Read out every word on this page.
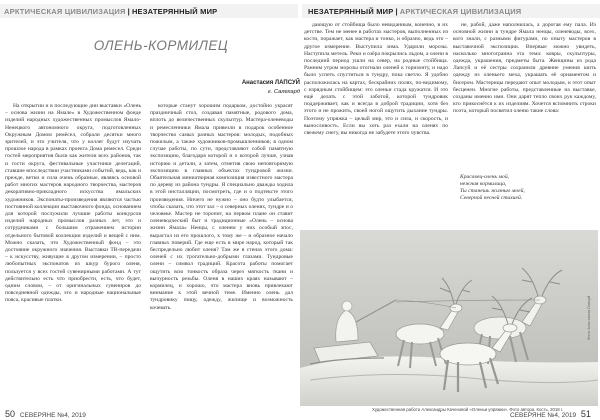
АРКТИЧЕСКАЯ ЦИВИЛИЗАЦИЯ | НЕЗАТЕРЯННЫЙ МИР	НЕЗАТЕРЯННЫЙ МИР | АРКТИЧЕСКАЯ ЦИВИЛИЗАЦИЯ
ОЛЕНЬ-КОРМИЛЕЦ
Анастасия ЛАПСУЙ
г. Салехард

На открытии и в последующие дни выставки «Олень – основа жизни на Ямале» в Художественном фонде изделий народных художественных промыслов Ямало-Ненецкого автономного округа, подготовленных Окружным Домом ремёсел, собрали десятки много зрителей, и это учителя, что у коллег будут изучать прошлое народа в рамках проекта Дома ремесел. Среди гостей мероприятия были как жители всех районов, так и гости округа, фестивальные участники делегаций, ставшие впоследствии участниками событий, ведь, как и прежде, ветки и сила очень образные, являясь основой работ многих мастеров народного творчества, мастеров декоративно-прикладного искусства ямальских художников. Экспонаты-произведения являются частью постоянной коллекции выставочного фонда, основанием для которой послужили лучшие работы конкурсов изделий народных промыслов разных лет, это и сотрудниками с большим отражением истории отдельного бытовой коллекции изделий и вещей с ним. Можно сказать, что Художественный фонд – это достояние окружного значения. Выставки ТВ-передачи – к искусству, живущие в другом измерении, – просто любопытных экспонатов из шкур бурого оленя, пользуется у всех гостей сувенирными работами. А тут действительно есть что приобрести, есть, что будет, одним словом, – от оригинальных сувениров до повседневной одежды, это и народные национальные пояса, красивые платки.

которые станут хорошим подарком, достойно украсят праздничный стол, создавая памятные, родового дома, вплоть до величественных скульптур. Мастера-оленеводы и ремесленники Ямала привезли в подарок особенное творчество самых разных мастеров: молодых, подобных пожилым, а также художников-промышленников; в одном случае работы, по сути, представляют собой памятную экспозицию, благодаря которой и о которой лучше, узнав историю и детали, а затем, отметив свою неповторимую экспозицию в главных объектах тундровой жизни. Обаятельная миниатюрная композиция известного мастера по дереву из района тундры. Я специально дважды ходила в этой инсталляции, посмотреть, где и о подтексте этого произведения. Ничего не нужно – оно будто улыбается, чтобы сказать, что этот зал – о северных оленях, тундре и о человеке. Мастер не торопит, на первом плане он ставит оленеводческий быт и традиционные «Олень – основа жизни Ямала» Ненцы, с оленем у них особый эпос, вырастал из его прошлого, к тому же – и образное начало главных поверий. Где еще есть в мире народ, который так беспредельно любит оленя? Там же в стенах этого дома: оленей с их трогательно-добрыми глазами. Тундровые олени – символ традиций. Красота работы помогает ощутить всю тонкость образа через мягкость ткани и вычурность резьбы. Оленя в наших краях называют – кормилец, и хорошо, что мастера вновь привлекают внимание к этой вечной теме. Именно олень дал тундровику пищу, одежду, жилище и возможность кочевать.

дающую от стойбища было невиданным, конечно, в их детстве. Тем не менее в работах мастеров, выполненных из кости, поражает, как мастера и тонко, и образно, ведь это – другое измерение. Выступила зима. Ударили морозы. Наступила метель. Реки и озёра покрылись льдом, а олени в последний период ушли на север, на родные стойбища. Ранним утром морозы отогнали оленей к горизонту, и надо было успеть спуститься в тундру, пока светло. Я удобно расположилась на картах, бескрайних полях, по-видимому, с изрядным стойбищем: это оленьи стада кружатся. И это ещё делать с этой заботой, которой тундровик поддерживает, как и всегда в доброй традиции, хотя без этого и не прожить, своей ногой ощутить дыхание тундры. Поэтому упряжка – целый мир, это и сила, и скорость, и выносливость. Если вы хоть раз ехали на оленях по свежему снегу, вы никогда не забудете этого чувства.

не, рабой, даже наполнилась, а дорогая ему пала. Из основной жизни в тундре Ямала ненцы, оленеводы, всех, кого знали, с разными фигурами, по опыту мастеров в выставочной экспозиции. Впервые можно увидеть, насколько многогранна эта тема: ковры, скульптуры, одежда, украшения, предметы быта. Женщины из рода Лапсуй и её сестры сохранили древние умения шить одежду из оленьего меха, украшать её орнаментом и бисером. Мастерицы передают опыт молодым, и этот опыт бесценен. Многие работы, представленные на выставке, созданы именно ими. Они дарят тепло своих рук каждому, кто прикоснётся к их изделиям. Хочется вспомнить строки поэта, который посвятил оленю такие слова:

Красавец-олень мой,
нежная кормилица,
Ты станешь жизнью моей,
Северной песней стихией.
Фото Анастасии Лапсуй
Художественная работа Александры Каченовой «Оленьи упряжки». Фото автора. Кость, 2018 г.
50 СЕВЕРЯНЕ №4, 2019	СЕВЕРЯНЕ №4, 2019 51
